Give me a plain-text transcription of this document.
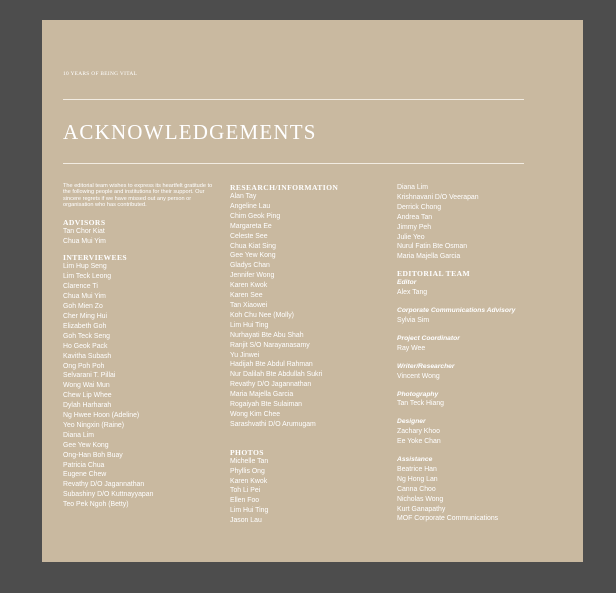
10 YEARS OF BEING VITAL
ACKNOWLEDGEMENTS

The editorial team wishes to express its heartfelt gratitude to the following people and institutions for their support. Our sincere regrets if we have missed out any person or organisation who has contributed.

ADVISORS
Tan Chor Kiat
Chua Mui Yim
INTERVIEWEES
Lim Hup Seng
Lim Teck Leong
Clarence Ti
Chua Mui Yim
Goh Mien Zo
Cher Ming Hui
Elizabeth Goh
Goh Teck Seng
Ho Geok Pack
Kavitha Subash
Ong Poh Poh
Selvarani T. Pillai
Wong Wai Mun
Chew Lip Whee
Dylah Harharah
Ng Hwee Hoon (Adeline)
Yeo Ningxin (Raine)
Diana Lim
Gee Yew Kong
Ong-Han Boh Buay
Patricia Chua
Eugene Chew
Revathy D/O Jagannathan
Subashiny D/O Kuttnayyapan
Teo Pek Ngoh (Betty)
RESEARCH/INFORMATION
Alan Tay
Angeline Lau
Chim Geok Ping
Margareta Ee
Celeste See
Chua Kiat Sing
Gee Yew Kong
Gladys Chan
Jennifer Wong
Karen Kwok
Karen See
Tan Xiaowei
Koh Chu Nee (Molly)
Lim Hui Ting
Nurhayati Bte Abu Shah
Ranjit S/O Narayanasamy
Yu Jinwei
Hadijah Bte Abdul Rahman
Nur Dalilah Bte Abdullah Sukri
Revathy D/O Jagannathan
Maria Majella Garcia
Rogaiyah Bte Sulaiman
Wong Kim Chee
Sarashvathi D/O Arumugam
PHOTOS
Michelle Tan
Phyllis Ong
Karen Kwok
Toh Li Pei
Ellen Foo
Lim Hui Ting
Jason Lau
Diana Lim
Krishnavani D/O Veerapan
Derrick Chong
Andrea Tan
Jimmy Peh
Julie Yeo
Nurul Fatin Bte Osman
Maria Majella Garcia
EDITORIAL TEAM

Editor

Alex Tang

Corporate Communications Advisory

Sylvia Sim

Project Coordinator

Ray Wee

Writer/Researcher

Vincent Wong

Photography

Tan Teck Hiang

Designer

Zachary Khoo
Ee Yoke Chan

Assistance

Beatrice Han
Ng Hong Lan
Canna Choo
Nicholas Wong
Kurt Ganapathy
MOF Corporate Communications
